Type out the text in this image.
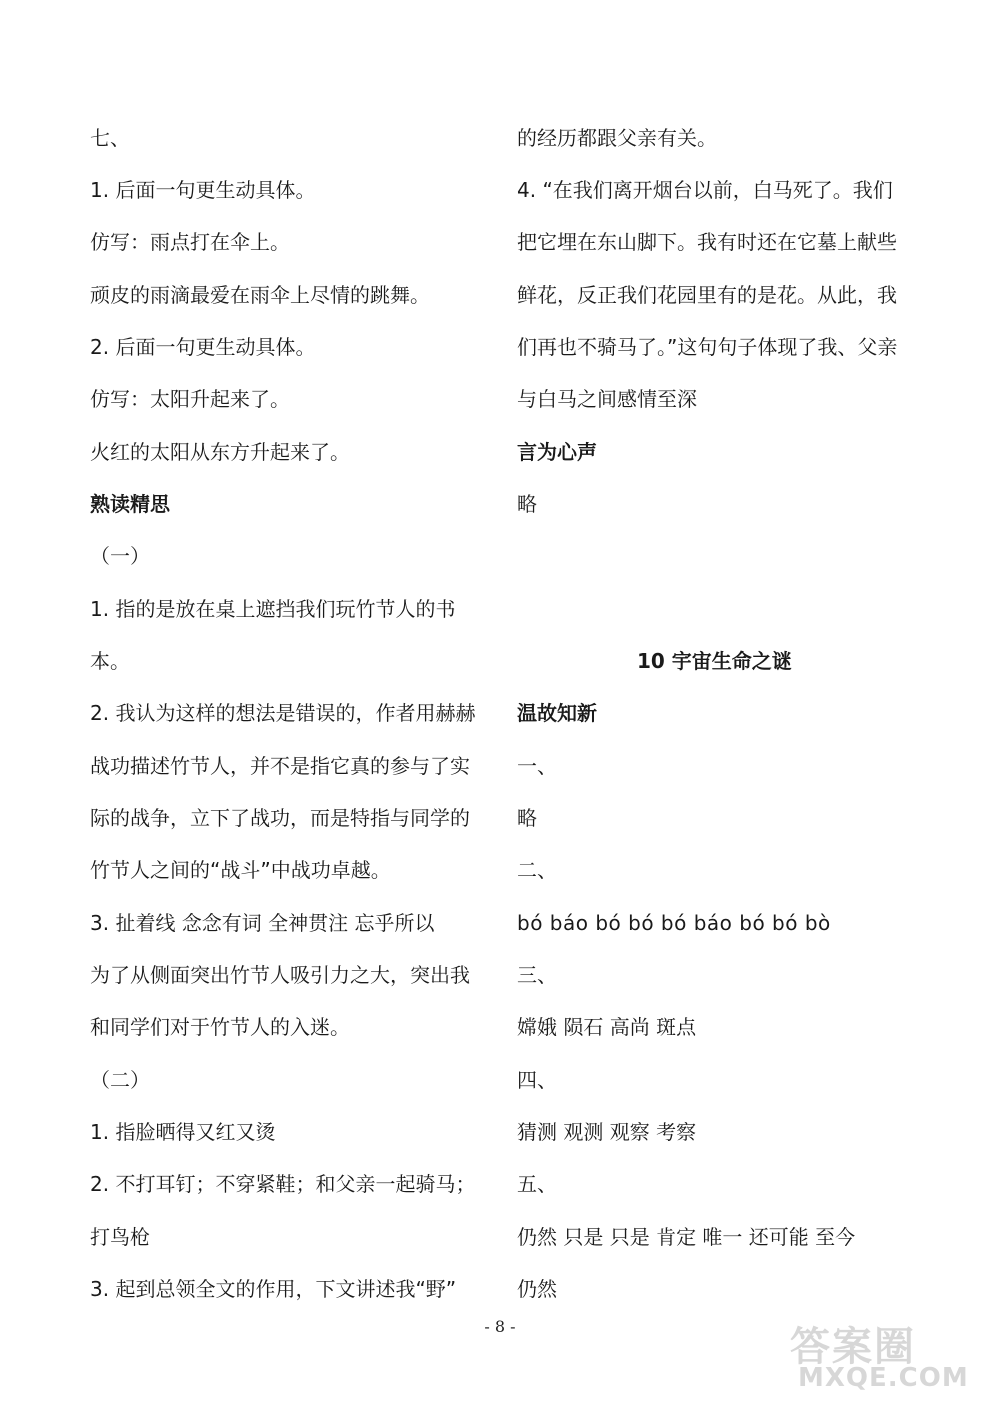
七、
1. 后面一句更生动具体。
仿写：雨点打在伞上。
顽皮的雨滴最爱在雨伞上尽情的跳舞。
2. 后面一句更生动具体。
仿写：太阳升起来了。
火红的太阳从东方升起来了。
熟读精思
（一）
1. 指的是放在桌上遮挡我们玩竹节人的书
本。
2. 我认为这样的想法是错误的，作者用赫赫
战功描述竹节人，并不是指它真的参与了实
际的战争，立下了战功，而是特指与同学的
竹节人之间的“战斗”中战功卓越。
3. 扯着线 念念有词 全神贯注 忘乎所以
为了从侧面突出竹节人吸引力之大，突出我
和同学们对于竹节人的入迷。
（二）
1. 指脸晒得又红又烫
2. 不打耳钉；不穿紧鞋；和父亲一起骑马；
打鸟枪
3. 起到总领全文的作用，下文讲述我“野”
的经历都跟父亲有关。
4. “在我们离开烟台以前，白马死了。我们
把它埋在东山脚下。我有时还在它墓上献些
鲜花，反正我们花园里有的是花。从此，我
们再也不骑马了。”这句句子体现了我、父亲
与白马之间感情至深
言为心声
略
10 宇宙生命之谜
温故知新
一、
略
二、
bó báo bó bó bó báo bó bó bò
三、
嫦娥 陨石 高尚 斑点
四、
猜测 观测 观察 考察
五、
仍然 只是 只是 肯定 唯一 还可能 至今
仍然
- 8 -	答案圈
MXQE.COM
